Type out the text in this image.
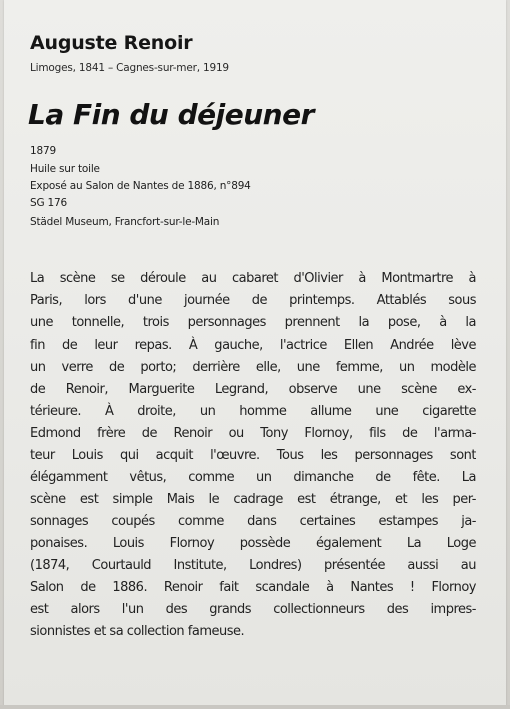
Auguste Renoir
Limoges, 1841 – Cagnes-sur-mer, 1919
La Fin du déjeuner
1879
Huile sur toile
Exposé au Salon de Nantes de 1886, n°894
SG 176
Städel Museum, Francfort-sur-le-Main
La scène se déroule au cabaret d'Olivier à Montmartre à
Paris, lors d'une journée de printemps. Attablés sous
une tonnelle, trois personnages prennent la pose, à la
fin de leur repas. À gauche, l'actrice Ellen Andrée lève
un verre de porto; derrière elle, une femme, un modèle
de Renoir, Marguerite Legrand, observe une scène ex-
térieure. À droite, un homme allume une cigarette
Edmond frère de Renoir ou Tony Flornoy, fils de l'arma-
teur Louis qui acquit l'œuvre. Tous les personnages sont
élégamment vêtus, comme un dimanche de fête. La
scène est simple Mais le cadrage est étrange, et les per-
sonnages coupés comme dans certaines estampes ja-
ponaises. Louis Flornoy possède également La Loge
(1874, Courtauld Institute, Londres) présentée aussi au
Salon de 1886. Renoir fait scandale à Nantes ! Flornoy
est alors l'un des grands collectionneurs des impres-
sionnistes et sa collection fameuse.
